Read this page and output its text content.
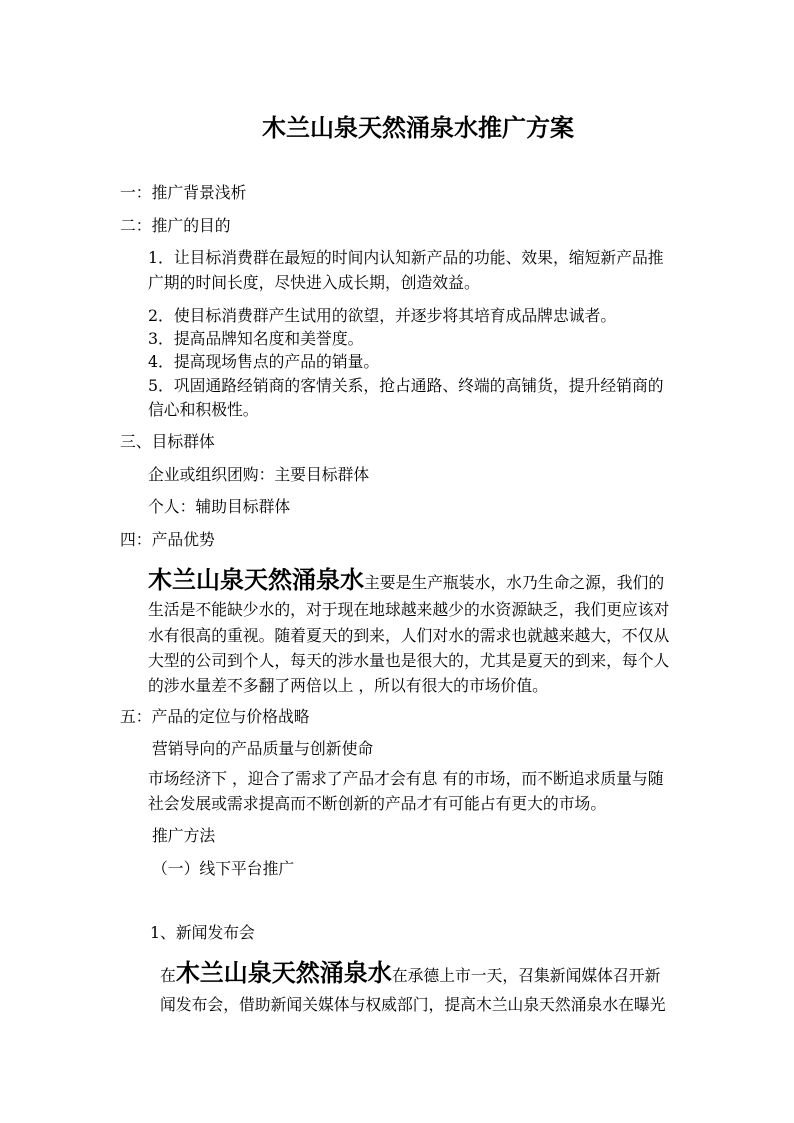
木兰山泉天然涌泉水推广方案
一：推广背景浅析
二：推广的目的
1．让目标消费群在最短的时间内认知新产品的功能、效果，缩短新产品推
广期的时间长度，尽快进入成长期，创造效益。
2．使目标消费群产生试用的欲望，并逐步将其培育成品牌忠诚者。
3．提高品牌知名度和美誉度。
4．提高现场售点的产品的销量。
5．巩固通路经销商的客情关系，抢占通路、终端的高铺货，提升经销商的
信心和积极性。
三、目标群体
企业或组织团购：主要目标群体
个人：辅助目标群体
四：产品优势
木兰山泉天然涌泉水主要是生产瓶装水，水乃生命之源，我们的
生活是不能缺少水的，对于现在地球越来越少的水资源缺乏，我们更应该对
水有很高的重视。随着夏天的到来，人们对水的需求也就越来越大，不仅从
大型的公司到个人，每天的涉水量也是很大的，尤其是夏天的到来，每个人
的涉水量差不多翻了两倍以上 ，所以有很大的市场价值。
五：产品的定位与价格战略
营销导向的产品质量与创新使命
市场经济下 ，迎合了需求了产品才会有息 有的市场，而不断追求质量与随
社会发展或需求提高而不断创新的产品才有可能占有更大的市场。
推广方法
（一）线下平台推广
1、新闻发布会
在木兰山泉天然涌泉水在承德上市一天，召集新闻媒体召开新
闻发布会，借助新闻关媒体与权威部门，提高木兰山泉天然涌泉水在曝光
